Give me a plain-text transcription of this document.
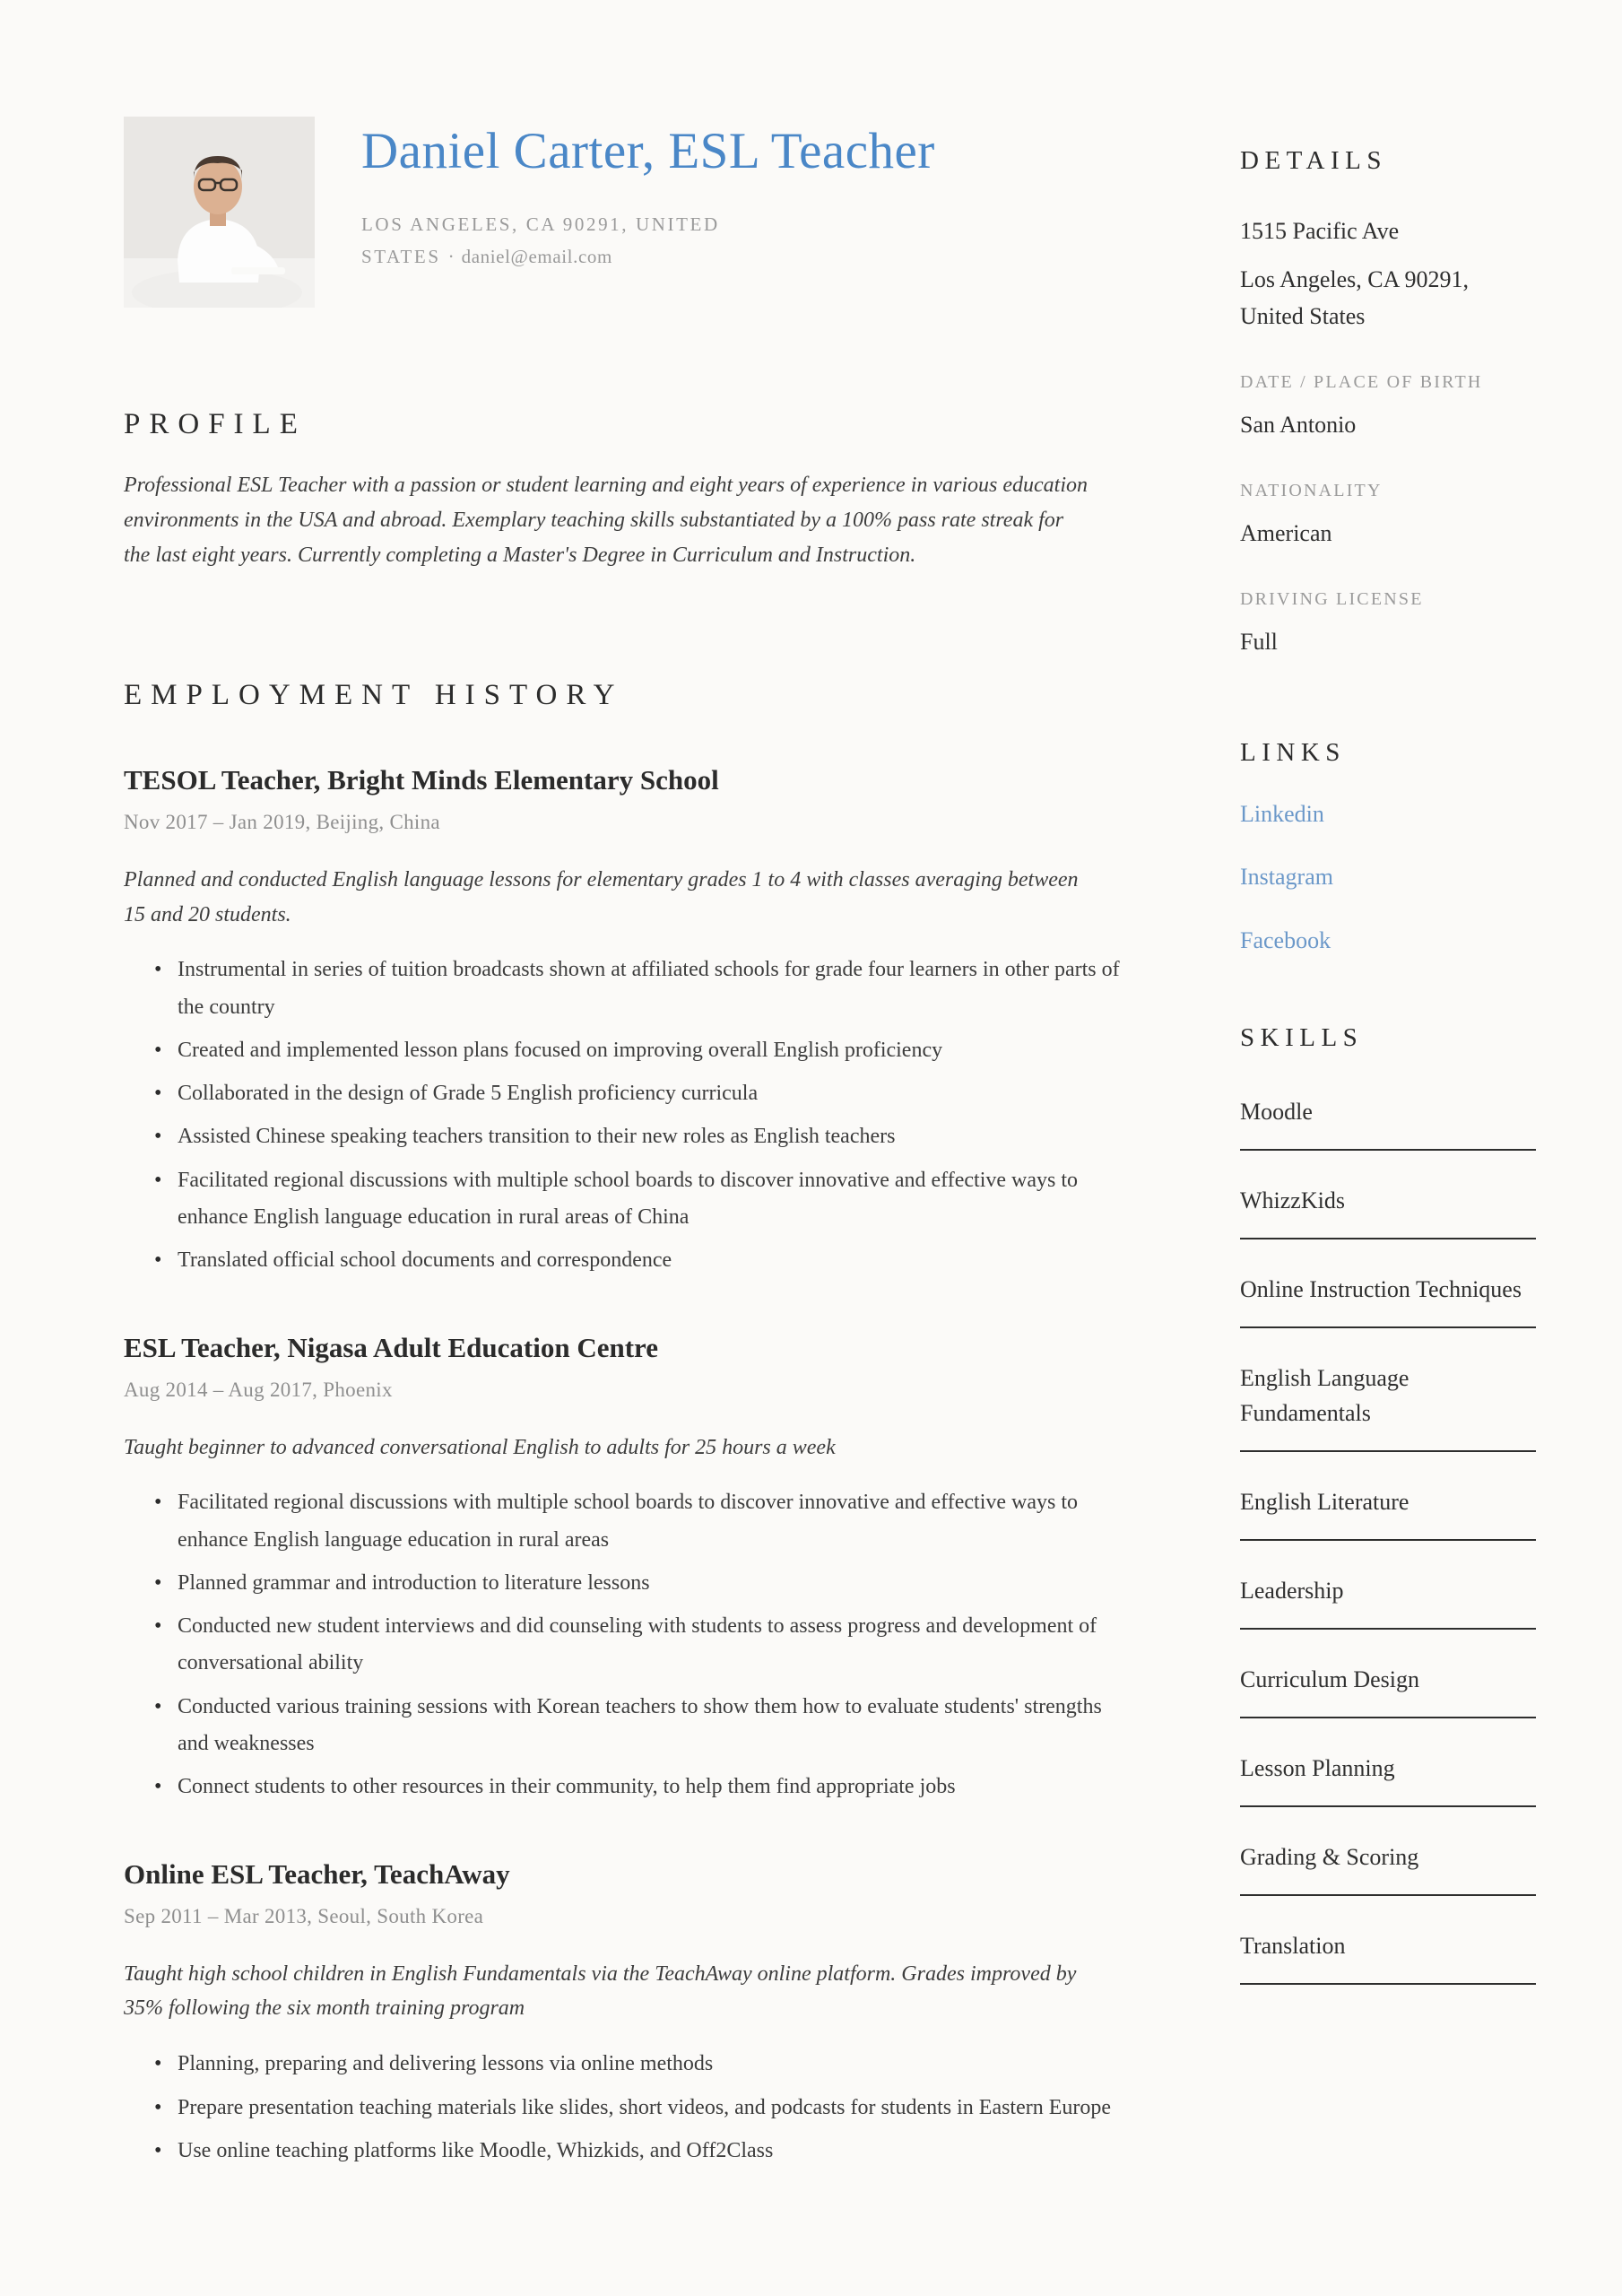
Daniel Carter, ESL Teacher
LOS ANGELES, CA 90291, UNITED STATES · daniel@email.com
PROFILE
Professional ESL Teacher with a passion or student learning and eight years of experience in various education environments in the USA and abroad. Exemplary teaching skills substantiated by a 100% pass rate streak for the last eight years. Currently completing a Master's Degree in Curriculum and Instruction.
EMPLOYMENT HISTORY
TESOL Teacher, Bright Minds Elementary School
Nov 2017 – Jan 2019, Beijing, China
Planned and conducted English language lessons for elementary grades 1 to 4 with classes averaging between 15 and 20 students.
• Instrumental in series of tuition broadcasts shown at affiliated schools for grade four learners in other parts of the country
• Created and implemented lesson plans focused on improving overall English proficiency
• Collaborated in the design of Grade 5 English proficiency curricula
• Assisted Chinese speaking teachers transition to their new roles as English teachers
• Facilitated regional discussions with multiple school boards to discover innovative and effective ways to enhance English language education in rural areas of China
• Translated official school documents and correspondence
ESL Teacher, Nigasa Adult Education Centre
Aug 2014 – Aug 2017, Phoenix
Taught beginner to advanced conversational English to adults for 25 hours a week
• Facilitated regional discussions with multiple school boards to discover innovative and effective ways to enhance English language education in rural areas
• Planned grammar and introduction to literature lessons
• Conducted new student interviews and did counseling with students to assess progress and development of conversational ability
• Conducted various training sessions with Korean teachers to show them how to evaluate students' strengths and weaknesses
• Connect students to other resources in their community, to help them find appropriate jobs
Online ESL Teacher, TeachAway
Sep 2011 – Mar 2013, Seoul, South Korea
Taught high school children in English Fundamentals via the TeachAway online platform. Grades improved by 35% following the six month training program
• Planning, preparing and delivering lessons via online methods
• Prepare presentation teaching materials like slides, short videos, and podcasts for students in Eastern Europe
• Use online teaching platforms like Moodle, Whizkids, and Off2Class
DETAILS
1515 Pacific Ave
Los Angeles, CA 90291, United States
DATE / PLACE OF BIRTH
San Antonio
NATIONALITY
American
DRIVING LICENSE
Full
LINKS
Linkedin
Instagram
Facebook
SKILLS
Moodle
WhizzKids
Online Instruction Techniques
English Language Fundamentals
English Literature
Leadership
Curriculum Design
Lesson Planning
Grading & Scoring
Translation
